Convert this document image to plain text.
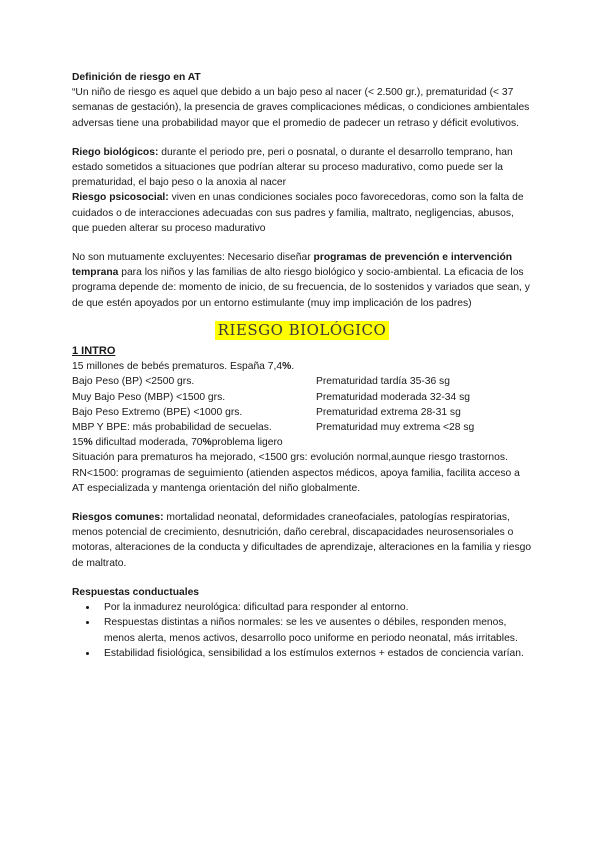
Definición de riesgo en AT

“Un niño de riesgo es aquel que debido a un bajo peso al nacer (< 2.500 gr.), prematuridad (< 37 semanas de gestación), la presencia de graves complicaciones médicas, o condiciones ambientales adversas tiene una probabilidad mayor que el promedio de padecer un retraso y déficit evolutivos.

Riego biológicos: durante el periodo pre, peri o posnatal, o durante el desarrollo temprano, han estado sometidos a situaciones que podrían alterar su proceso madurativo, como puede ser la prematuridad, el bajo peso o la anoxia al nacer

Riesgo psicosocial: viven en unas condiciones sociales poco favorecedoras, como son la falta de cuidados o de interacciones adecuadas con sus padres y familia, maltrato, negligencias, abusos, que pueden alterar su proceso madurativo

No son mutuamente excluyentes: Necesario diseñar programas de prevención e intervención temprana para los niños y las familias de alto riesgo biológico y socio-ambiental. La eficacia de los programa depende de: momento de inicio, de su frecuencia, de lo sostenidos y variados que sean, y de que estén apoyados por un entorno estimulante (muy imp implicación de los padres)

RIESGO BIOLÓGICO

1 INTRO

15 millones de bebés prematuros. España 7,4%.

Bajo Peso (BP) <2500 grs.	Prematuridad tardía 35-36 sg
Muy Bajo Peso (MBP) <1500 grs.	Prematuridad moderada 32-34 sg
Bajo Peso Extremo (BPE) <1000 grs.	Prematuridad extrema 28-31 sg
MBP Y BPE: más probabilidad de secuelas.	Prematuridad muy extrema <28 sg

15% dificultad moderada, 70%problema ligero

Situación para prematuros ha mejorado, <1500 grs: evolución normal,aunque riesgo trastornos. RN<1500: programas de seguimiento (atienden aspectos médicos, apoya familia, facilita acceso a AT especializada y mantenga orientación del niño globalmente.

Riesgos comunes: mortalidad neonatal, deformidades craneofaciales, patologías respiratorias, menos potencial de crecimiento, desnutrición, daño cerebral, discapacidades neurosensoriales o motoras, alteraciones de la conducta y dificultades de aprendizaje, alteraciones en la familia y riesgo de maltrato.

Respuestas conductuales

• Por la inmadurez neurológica: dificultad para responder al entorno.
• Respuestas distintas a niños normales: se les ve ausentes o débiles, responden menos, menos alerta, menos activos, desarrollo poco uniforme en periodo neonatal, más irritables.
• Estabilidad fisiológica, sensibilidad a los estímulos externos + estados de conciencia varían.
